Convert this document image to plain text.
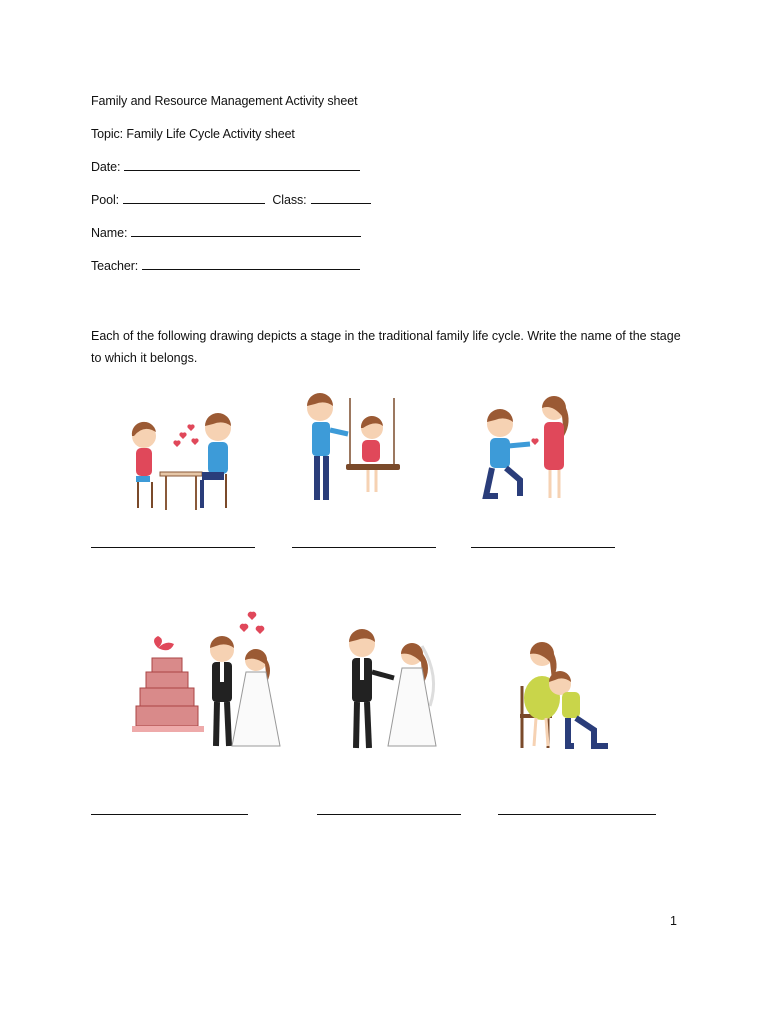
Family and Resource Management Activity sheet
Topic: Family Life Cycle Activity sheet
Date:
Pool:	Class:
Name:
Teacher:
Each of the following drawing depicts a stage in the traditional family life cycle. Write the name of the stage to which it belongs.
1
